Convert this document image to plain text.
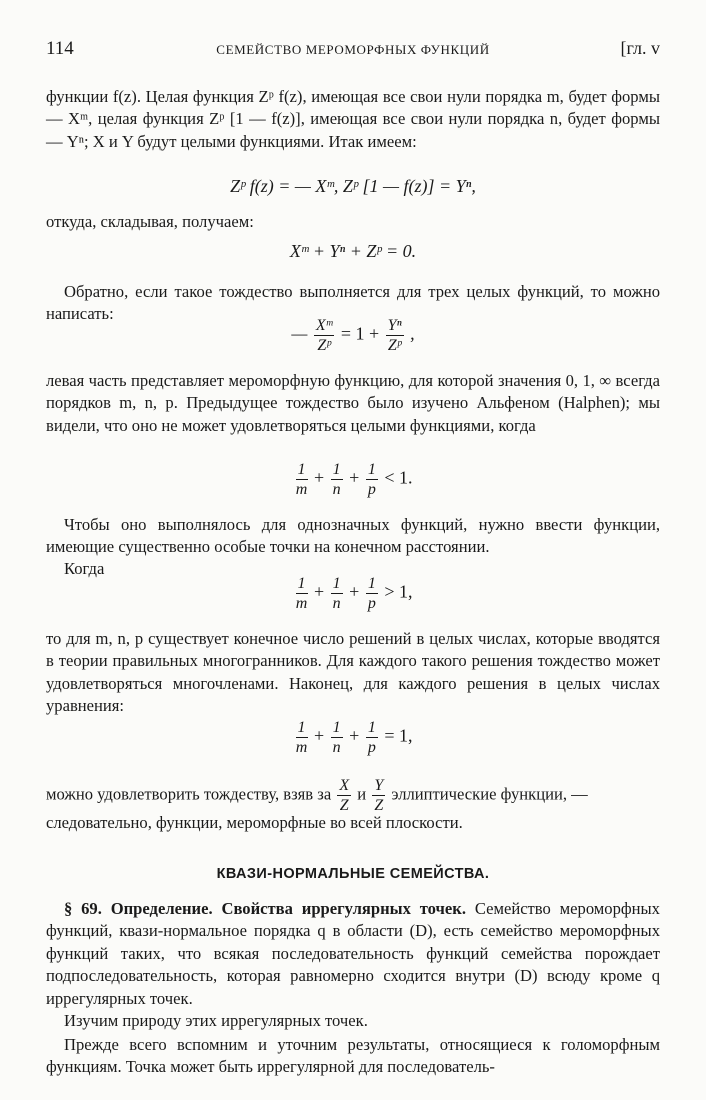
114	СЕМЕЙСТВО МЕРОМОРФНЫХ ФУНКЦИЙ	[гл. v
функции f(z). Целая функция Zᵖ f(z), имеющая все свои нули порядка m, будет формы — Xᵐ, целая функция Zᵖ [1 — f(z)], имеющая все свои нули порядка n, будет формы — Yⁿ; X и Y будут целыми функциями. Итак имеем:
Zᵖ f(z) = — Xᵐ, Zᵖ [1 — f(z)] = Yⁿ,
откуда, складывая, получаем:
Xᵐ + Yⁿ + Zᵖ = 0.
Обратно, если такое тождество выполняется для трех целых функций, то можно написать:
— $\frac{\text{Xᵐ}}{\text{Zᵖ}} = 1 + \frac{\text{Yⁿ}}{\text{Zᵖ}}$ ,
левая часть представляет мероморфную функцию, для которой значения 0, 1, ∞ всегда порядков m, n, p. Предыдущее тождество было изучено Альфеном (Halphen); мы видели, что оно не может удовлетворяться целыми функциями, когда
$\frac{1}{m} + \frac{1}{n} + \frac{1}{p} < 1$.
Чтобы оно выполнялось для однозначных функций, нужно ввести функции, имеющие существенно особые точки на конечном расстоянии.
Когда
$\frac{1}{m} + \frac{1}{n} + \frac{1}{p} > 1$,
то для m, n, p существует конечное число решений в целых числах, которые вводятся в теории правильных многогранников. Для каждого такого решения тождество может удовлетворяться многочленами. Наконец, для каждого решения в целых числах уравнения:
$\frac{1}{m} + \frac{1}{n} + \frac{1}{p} = 1$,
можно удовлетворить тождеству, взяв за $\frac{X}{Z}$ и $\frac{Y}{Z}$ эллиптические функции, —
следовательно, функции, мероморфные во всей плоскости.
КВАЗИ-НОРМАЛЬНЫЕ СЕМЕЙСТВА.
§ 69. Определение. Свойства иррегулярных точек. Семейство мероморфных функций, квази-нормальное порядка q в области (D), есть семейство мероморфных функций таких, что всякая последовательность функций семейства порождает подпоследовательность, которая равномерно сходится внутри (D) всюду кроме q иррегулярных точек.
Изучим природу этих иррегулярных точек.
Прежде всего вспомним и уточним результаты, относящиеся к голоморфным функциям. Точка может быть иррегулярной для последователь-
